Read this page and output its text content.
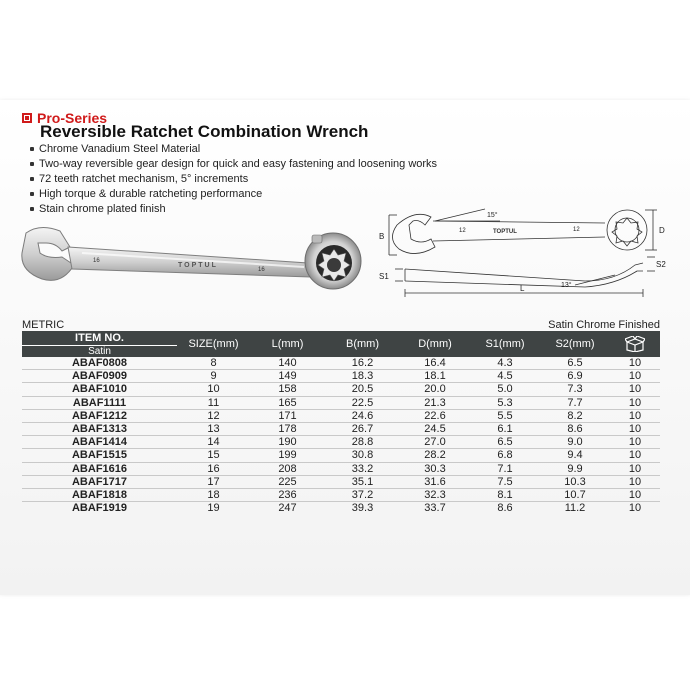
Pro-Series
Reversible Ratchet Combination Wrench
Chrome Vanadium Steel Material
Two-way reversible gear design for quick and easy fastening and loosening works
72 teeth ratchet mechanism, 5° increments
High torque & durable ratcheting performance
Stain chrome plated finish
16
TOPTUL
16
B
D
15°
12	TOPTUL	12
S1
S2
13°
L
METRIC	Satin Chrome Finished
ITEM NO.
Satin	SIZE(mm)	L(mm)	B(mm)	D(mm)	S1(mm)	S2(mm)	
ABAF0808	8	140	16.2	16.4	4.3	6.5	10
ABAF0909	9	149	18.3	18.1	4.5	6.9	10
ABAF1010	10	158	20.5	20.0	5.0	7.3	10
ABAF1111	11	165	22.5	21.3	5.3	7.7	10
ABAF1212	12	171	24.6	22.6	5.5	8.2	10
ABAF1313	13	178	26.7	24.5	6.1	8.6	10
ABAF1414	14	190	28.8	27.0	6.5	9.0	10
ABAF1515	15	199	30.8	28.2	6.8	9.4	10
ABAF1616	16	208	33.2	30.3	7.1	9.9	10
ABAF1717	17	225	35.1	31.6	7.5	10.3	10
ABAF1818	18	236	37.2	32.3	8.1	10.7	10
ABAF1919	19	247	39.3	33.7	8.6	11.2	10
